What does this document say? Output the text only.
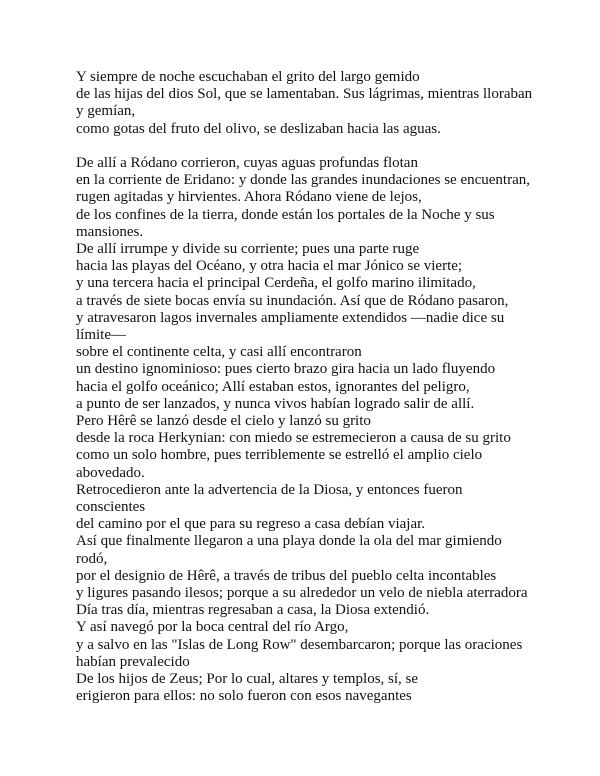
Y siempre de noche escuchaban el grito del largo gemido
de las hijas del dios Sol, que se lamentaban. Sus lágrimas, mientras lloraban
y gemían,
como gotas del fruto del olivo, se deslizaban hacia las aguas.

De allí a Ródano corrieron, cuyas aguas profundas flotan
en la corriente de Eridano: y donde las grandes inundaciones se encuentran,
rugen agitadas y hirvientes. Ahora Ródano viene de lejos,
de los confines de la tierra, donde están los portales de la Noche y sus
mansiones.
De allí irrumpe y divide su corriente; pues una parte ruge
hacia las playas del Océano, y otra hacia el mar Jónico se vierte;
y una tercera hacia el principal Cerdeña, el golfo marino ilimitado,
a través de siete bocas envía su inundación. Así que de Ródano pasaron,
y atravesaron lagos invernales ampliamente extendidos —nadie dice su
límite—
sobre el continente celta, y casi allí encontraron
un destino ignominioso: pues cierto brazo gira hacia un lado fluyendo
hacia el golfo oceánico; Allí estaban estos, ignorantes del peligro,
a punto de ser lanzados, y nunca vivos habían logrado salir de allí.
Pero Hêrê se lanzó desde el cielo y lanzó su grito
desde la roca Herkynian: con miedo se estremecieron a causa de su grito
como un solo hombre, pues terriblemente se estrelló el amplio cielo
abovedado.
Retrocedieron ante la advertencia de la Diosa, y entonces fueron
conscientes
del camino por el que para su regreso a casa debían viajar.
Así que finalmente llegaron a una playa donde la ola del mar gimiendo
rodó,
por el designio de Hêrê, a través de tribus del pueblo celta incontables
y ligures pasando ilesos; porque a su alrededor un velo de niebla aterradora
Día tras día, mientras regresaban a casa, la Diosa extendió.
Y así navegó por la boca central del río Argo,
y a salvo en las "Islas de Long Row" desembarcaron; porque las oraciones
habían prevalecido
De los hijos de Zeus; Por lo cual, altares y templos, sí, se
erigieron para ellos: no solo fueron con esos navegantes
